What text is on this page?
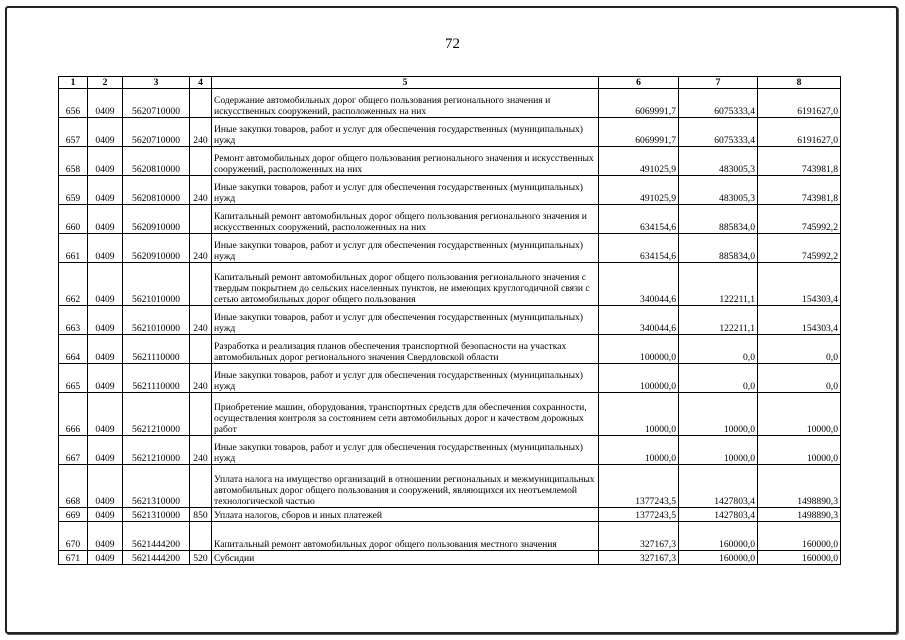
72
1	2	3	4	5	6	7	8
656	0409	5620710000		Содержание автомобильных дорог общего пользования регионального значения и искусственных сооружений, расположенных на них	6069991,7	6075333,4	6191627,0
657	0409	5620710000	240	Иные закупки товаров, работ и услуг для обеспечения государственных (муниципальных) нужд	6069991,7	6075333,4	6191627,0
658	0409	5620810000		Ремонт автомобильных дорог общего пользования регионального значения и искусственных сооружений, расположенных на них	491025,9	483005,3	743981,8
659	0409	5620810000	240	Иные закупки товаров, работ и услуг для обеспечения государственных (муниципальных) нужд	491025,9	483005,3	743981,8
660	0409	5620910000		Капитальный ремонт автомобильных дорог общего пользования регионального значения и искусственных сооружений, расположенных на них	634154,6	885834,0	745992,2
661	0409	5620910000	240	Иные закупки товаров, работ и услуг для обеспечения государственных (муниципальных) нужд	634154,6	885834,0	745992,2
662	0409	5621010000		Капитальный ремонт автомобильных дорог общего пользования регионального значения с твердым покрытием до сельских населенных пунктов, не имеющих круглогодичной связи с сетью автомобильных дорог общего пользования	340044,6	122211,1	154303,4
663	0409	5621010000	240	Иные закупки товаров, работ и услуг для обеспечения государственных (муниципальных) нужд	340044,6	122211,1	154303,4
664	0409	5621110000		Разработка и реализация планов обеспечения транспортной безопасности на участках автомобильных дорог регионального значения Свердловской области	100000,0	0,0	0,0
665	0409	5621110000	240	Иные закупки товаров, работ и услуг для обеспечения государственных (муниципальных) нужд	100000,0	0,0	0,0
666	0409	5621210000		Приобретение машин, оборудования, транспортных средств для обеспечения сохранности, осуществления контроля за состоянием сети автомобильных дорог и качеством дорожных работ	10000,0	10000,0	10000,0
667	0409	5621210000	240	Иные закупки товаров, работ и услуг для обеспечения государственных (муниципальных) нужд	10000,0	10000,0	10000,0
668	0409	5621310000		Уплата налога на имущество организаций в отношении региональных и межмуниципальных автомобильных дорог общего пользования и сооружений, являющихся их неотъемлемой технологической частью	1377243,5	1427803,4	1498890,3
669	0409	5621310000	850	Уплата налогов, сборов и иных платежей	1377243,5	1427803,4	1498890,3
670	0409	5621444200		Капитальный ремонт автомобильных дорог общего пользования местного значения	327167,3	160000,0	160000,0
671	0409	5621444200	520	Субсидии	327167,3	160000,0	160000,0
